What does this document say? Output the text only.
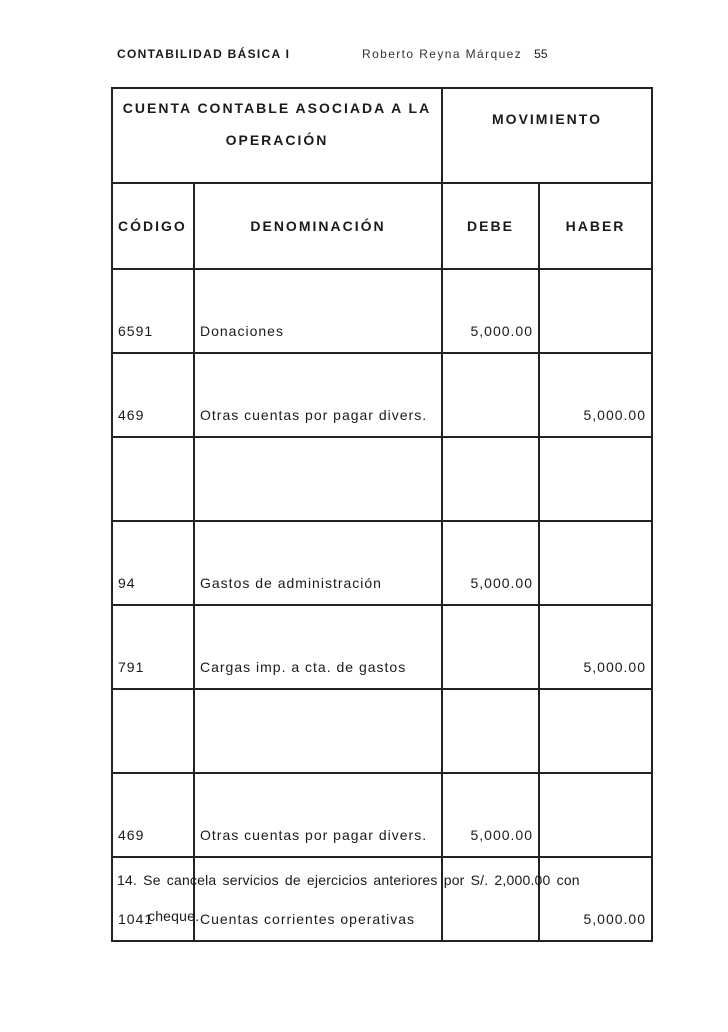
CONTABILIDAD BÁSICA I	Roberto Reyna Márquez 55
CUENTA CONTABLE ASOCIADA A LA OPERACIÓN		MOVIMIENTO	
CÓDIGO	DENOMINACIÓN	DEBE	HABER
6591	Donaciones	5,000.00	
469	Otras cuentas por pagar divers.		5,000.00

94	Gastos de administración	5,000.00	
791	Cargas imp. a cta. de gastos		5,000.00

469	Otras cuentas por pagar divers.	5,000.00	
1041	Cuentas corrientes operativas		5,000.00
14. Se cancela servicios de ejercicios anteriores por S/. 2,000.00 con
cheque.
